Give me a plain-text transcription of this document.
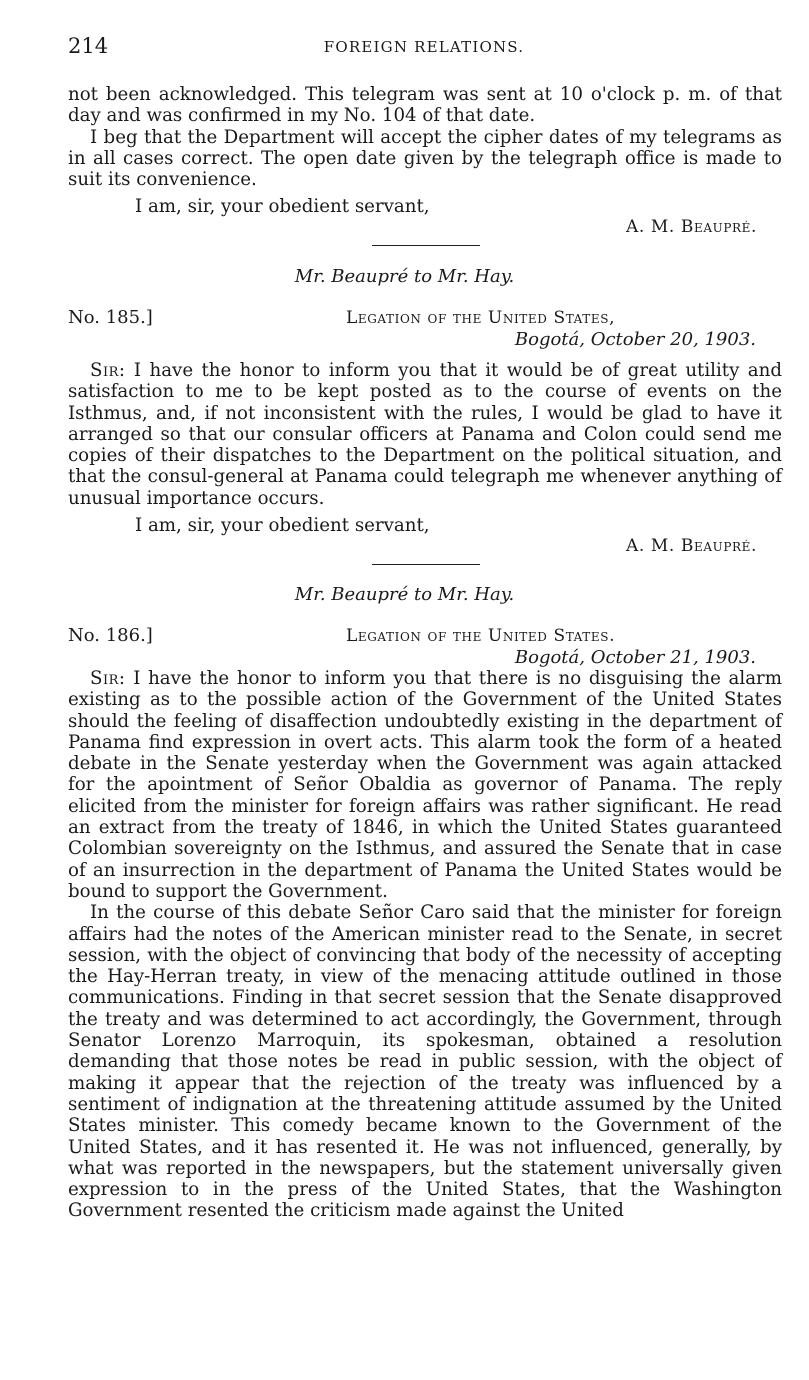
214	FOREIGN RELATIONS.

not been acknowledged. This telegram was sent at 10 o'clock p. m. of that day and was confirmed in my No. 104 of that date.

I beg that the Department will accept the cipher dates of my telegrams as in all cases correct. The open date given by the telegraph office is made to suit its convenience.

I am, sir, your obedient servant,
A. M. Beaupré.
Mr. Beaupré to Mr. Hay.
No. 185.]	Legation of the United States,
Bogotá, October 20, 1903.

Sir: I have the honor to inform you that it would be of great utility and satisfaction to me to be kept posted as to the course of events on the Isthmus, and, if not inconsistent with the rules, I would be glad to have it arranged so that our consular officers at Panama and Colon could send me copies of their dispatches to the Department on the political situation, and that the consul-general at Panama could telegraph me whenever anything of unusual importance occurs.

I am, sir, your obedient servant,
A. M. Beaupré.
Mr. Beaupré to Mr. Hay.
No. 186.]	Legation of the United States.
Bogotá, October 21, 1903.

Sir: I have the honor to inform you that there is no disguising the alarm existing as to the possible action of the Government of the United States should the feeling of disaffection undoubtedly existing in the department of Panama find expression in overt acts. This alarm took the form of a heated debate in the Senate yesterday when the Government was again attacked for the apointment of Señor Obaldia as governor of Panama. The reply elicited from the minister for foreign affairs was rather significant. He read an extract from the treaty of 1846, in which the United States guaranteed Colombian sovereignty on the Isthmus, and assured the Senate that in case of an insurrection in the department of Panama the United States would be bound to support the Government.

In the course of this debate Señor Caro said that the minister for foreign affairs had the notes of the American minister read to the Senate, in secret session, with the object of convincing that body of the necessity of accepting the Hay-Herran treaty, in view of the menacing attitude outlined in those communications. Finding in that secret session that the Senate disapproved the treaty and was determined to act accordingly, the Government, through Senator Lorenzo Marroquin, its spokesman, obtained a resolution demanding that those notes be read in public session, with the object of making it appear that the rejection of the treaty was influenced by a sentiment of indignation at the threatening attitude assumed by the United States minister. This comedy became known to the Government of the United States, and it has resented it. He was not influenced, generally, by what was reported in the newspapers, but the statement universally given expression to in the press of the United States, that the Washington Government resented the criticism made against the United
